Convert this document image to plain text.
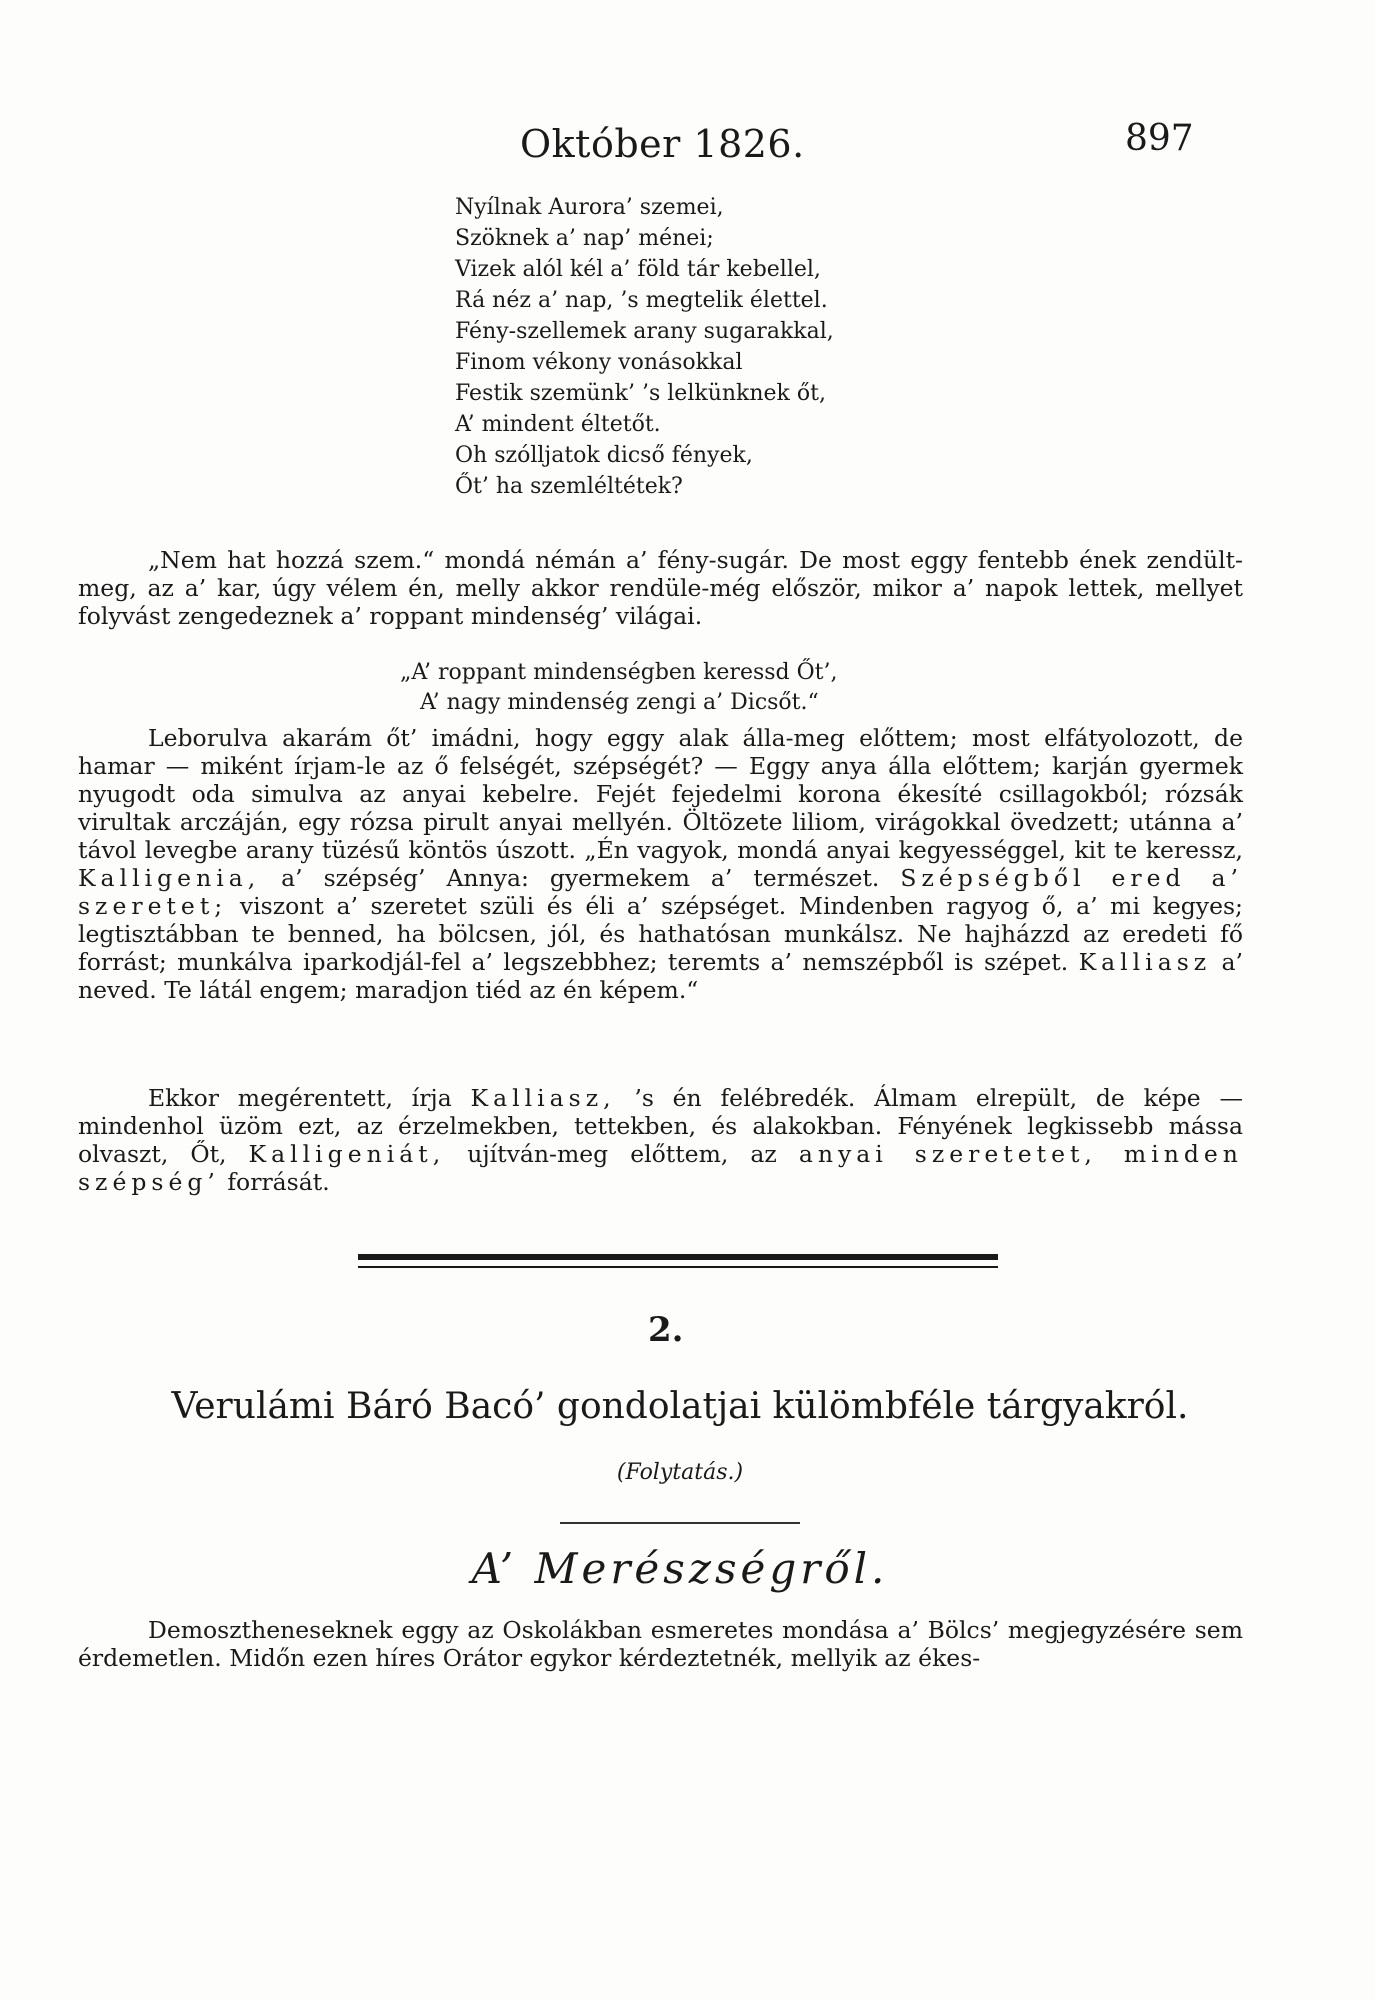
Október 1826.	897
Nyílnak Aurora’ szemei,
Szöknek a’ nap’ ménei;
Vizek alól kél a’ föld tár kebellel,
Rá néz a’ nap, ’s megtelik élettel.
Fény-szellemek arany sugarakkal,
Finom vékony vonásokkal
Festik szemünk’ ’s lelkünknek őt,
A’ mindent éltetőt.
Oh szólljatok dicső fények,
Őt’ ha szemléltétek?

„Nem hat hozzá szem.“ mondá némán a’ fény-sugár. De most eggy fentebb ének zendült-meg, az a’ kar, úgy vélem én, melly akkor rendüle-még először, mikor a’ napok lettek, mellyet folyvást zengedeznek a’ roppant mindenség’ világai.

„A’ roppant mindenségben keressd Őt’,
A’ nagy mindenség zengi a’ Dicsőt.“

Leborulva akarám őt’ imádni, hogy eggy alak álla-meg előttem; most elfátyolozott, de hamar — miként írjam-le az ő felségét, szépségét? — Eggy anya álla előttem; karján gyermek nyugodt oda simulva az anyai kebelre. Fejét fejedelmi korona ékesíté csillagokból; rózsák virultak arczáján, egy rózsa pirult anyai mellyén. Öltözete liliom, virágokkal övedzett; utánna a’ távol levegbe arany tüzésű köntös úszott. „Én vagyok, mondá anyai kegyességgel, kit te keressz, Kalligenia, a’ szépség’ Annya: gyermekem a’ természet. Szépségből ered a’ szeretet; viszont a’ szeretet szüli és éli a’ szépséget. Mindenben ragyog ő, a’ mi kegyes; legtisztábban te benned, ha bölcsen, jól, és hathatósan munkálsz. Ne hajházzd az eredeti fő forrást; munkálva iparkodjál-fel a’ legszebbhez; teremts a’ nemszépből is szépet. Kalliasz a’ neved. Te látál engem; maradjon tiéd az én képem.“

Ekkor megérentett, írja Kalliasz, ’s én felébredék. Álmam elrepült, de képe — mindenhol üzöm ezt, az érzelmekben, tettekben, és alakokban. Fényének legkissebb mássa olvaszt, Őt, Kalligeniát, ujítván-meg előttem, az anyai szeretetet, minden szépség’ forrását.

2.
Verulámi Báró Bacó’ gondolatjai külömbféle tárgyakról.
(Folytatás.)
A’ Merészségről.

Demosztheneseknek eggy az Oskolákban esmeretes mondása a’ Bölcs’ megjegyzésére sem érdemetlen. Midőn ezen híres Orátor egykor kérdeztetnék, mellyik az ékes-
